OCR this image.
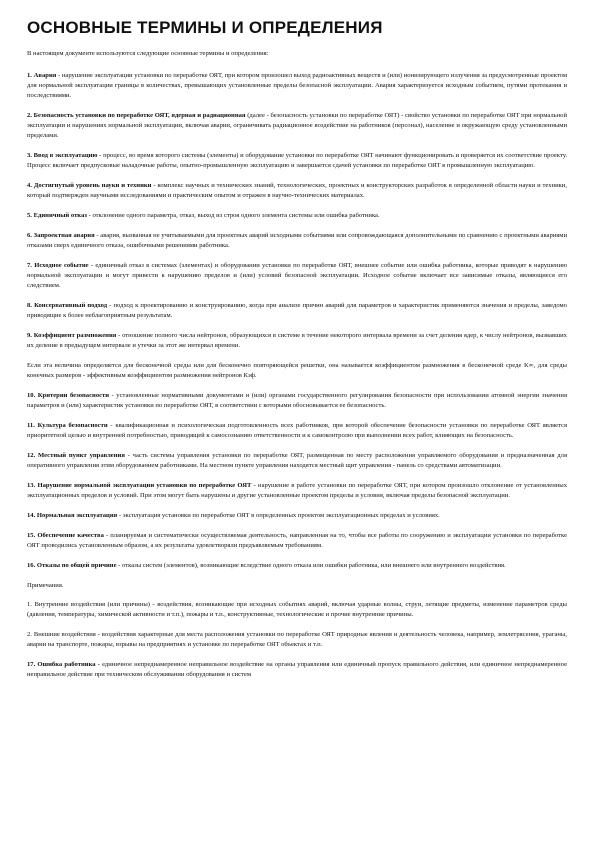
ОСНОВНЫЕ ТЕРМИНЫ И ОПРЕДЕЛЕНИЯ

В настоящем документе используются следующие основные термины и определения:

1. Авария - нарушение эксплуатации установки по переработке ОЯТ, при котором произошел выход радиоактивных веществ и (или) ионизирующего излучения за предусмотренные проектом для нормальной эксплуатации границы в количествах, превышающих установленные пределы безопасной эксплуатации. Авария характеризуется исходным событием, путями протекания и последствиями.

2. Безопасность установки по переработке ОЯТ, ядерная и радиационная (далее - безопасность установки по переработке ОЯТ) - свойство установки по переработке ОЯТ при нормальной эксплуатации и нарушениях нормальной эксплуатации, включая аварии, ограничивать радиационное воздействие на работников (персонал), население и окружающую среду установленными пределами.

3. Ввод в эксплуатацию - процесс, во время которого системы (элементы) и оборудование установки по переработке ОЯТ начинают функционировать и проверяется их соответствие проекту. Процесс включает предпусковые наладочные работы, опытно-промышленную эксплуатацию и завершается сдачей установки по переработке ОЯТ в промышленную эксплуатацию.

4. Достигнутый уровень науки и техники - комплекс научных и технических знаний, технологических, проектных и конструкторских разработок в определенной области науки и техники, который подтвержден научными исследованиями и практическим опытом и отражен в научно-технических материалах.

5. Единичный отказ - отклонение одного параметра, отказ, выход из строя одного элемента системы или ошибка работника.

6. Запроектная авария - авария, вызванная не учитываемыми для проектных аварий исходными событиями или сопровождающаяся дополнительными по сравнению с проектными авариями отказами сверх единичного отказа, ошибочными решениями работника.

7. Исходное событие - единичный отказ в системах (элементах) и оборудовании установки по переработке ОЯТ, внешнее событие или ошибка работника, которые приводят к нарушению нормальной эксплуатации и могут привести к нарушению пределов и (или) условий безопасной эксплуатации. Исходное событие включает все зависимые отказы, являющиеся его следствием.

8. Консервативный подход - подход к проектированию и конструированию, когда при анализе причин аварий для параметров и характеристик применяются значения и пределы, заведомо приводящие к более неблагоприятным результатам.

9. Коэффициент размножения - отношение полного числа нейтронов, образующихся в системе в течение некоторого интервала времени за счет деления ядер, к числу нейтронов, вызвавших их деление в предыдущем интервале и утечки за этот же интервал времени.

Если эта величина определяется для бесконечной среды или для бесконечно повторяющейся решетки, она называется коэффициентом размножения в бесконечной среде K∞, для среды конечных размеров - эффективным коэффициентом размножения нейтронов Кэф.

10. Критерии безопасности - установленные нормативными документами и (или) органами государственного регулирования безопасности при использовании атомной энергии значения параметров и (или) характеристик установки по переработке ОЯТ, в соответствии с которыми обосновывается ее безопасность.

11. Культура безопасности - квалификационная и психологическая подготовленность всех работников, при которой обеспечение безопасности установки по переработке ОЯТ является приоритетной целью и внутренней потребностью, приводящей к самосознанию ответственности и к самоконтролю при выполнении всех работ, влияющих на безопасность.

12. Местный пункт управления - часть системы управления установки по переработке ОЯТ, размещенная по месту расположения управляемого оборудования и предназначенная для оперативного управления этим оборудованием работниками. На местном пункте управления находятся местный щит управления - панель со средствами автоматизации.

13. Нарушение нормальной эксплуатации установки по переработке ОЯТ - нарушение в работе установки по переработке ОЯТ, при котором произошло отклонение от установленных эксплуатационных пределов и условий. При этом могут быть нарушены и другие установленные проектом пределы и условия, включая пределы безопасной эксплуатации.

14. Нормальная эксплуатация - эксплуатация установки по переработке ОЯТ в определенных проектом эксплуатационных пределах и условиях.

15. Обеспечение качества - планируемая и систематически осуществляемая деятельность, направленная на то, чтобы все работы по сооружению и эксплуатации установки по переработке ОЯТ проводились установленным образом, а их результаты удовлетворяли предъявляемым требованиям.

16. Отказы по общей причине - отказы систем (элементов), возникающие вследствие одного отказа или ошибки работника, или внешнего или внутреннего воздействия.

Примечания.

1. Внутренние воздействия (или причины) - воздействия, возникающие при исходных событиях аварий, включая ударные волны, струи, летящие предметы, изменение параметров среды (давления, температуры, химической активности и т.п.), пожары и т.п., конструктивные, технологические и прочие внутренние причины.

2. Внешние воздействия - воздействия характерные для места расположения установки по переработке ОЯТ природные явления и деятельность человека, например, землетрясения, ураганы, аварии на транспорте, пожары, взрывы на предприятиях и установке по переработке ОЯТ объектах и т.п.

17. Ошибка работника - единичное непреднамеренное неправильное воздействие на органы управления или единичный пропуск правильного действия, или единичное непреднамеренное неправильное действие при техническом обслуживании оборудования и систем
